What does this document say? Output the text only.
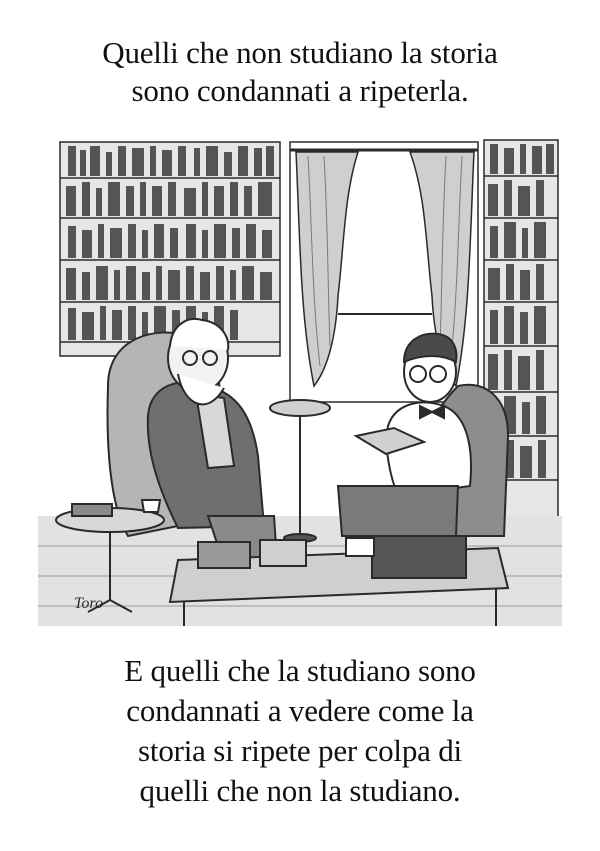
Quelli che non studiano la storia
sono condannati a ripeterla.
Toro
E quelli che la studiano sono
condannati a vedere come la
storia si ripete per colpa di
quelli che non la studiano.
